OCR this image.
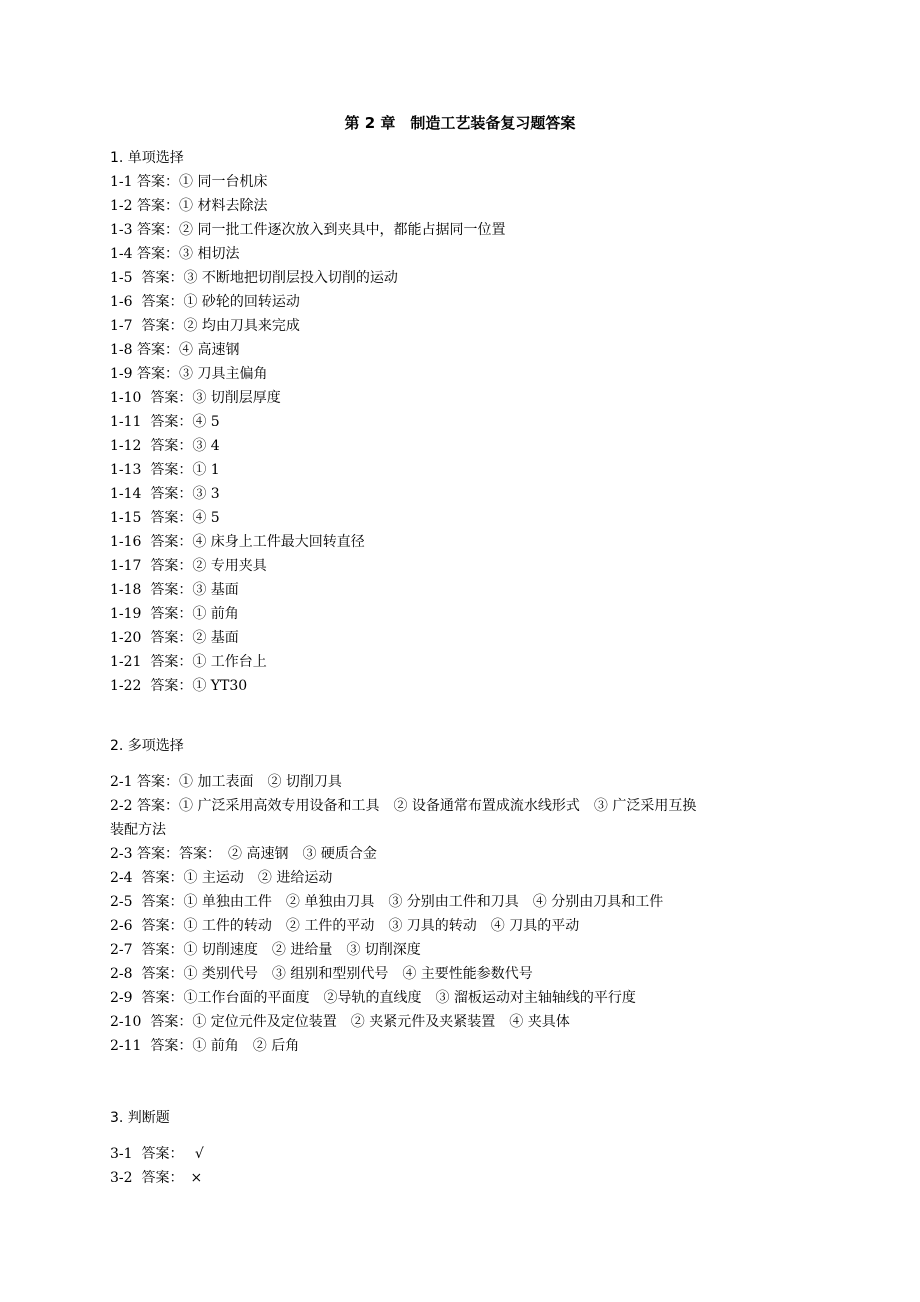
第 2 章　制造工艺装备复习题答案
1. 单项选择
1-1 答案：① 同一台机床
1-2 答案：① 材料去除法
1-3 答案：② 同一批工件逐次放入到夹具中，都能占据同一位置
1-4 答案：③ 相切法
1-5  答案：③ 不断地把切削层投入切削的运动
1-6  答案：① 砂轮的回转运动
1-7  答案：② 均由刀具来完成
1-8 答案：④ 高速钢
1-9 答案：③ 刀具主偏角
1-10  答案：③ 切削层厚度
1-11  答案：④ 5
1-12  答案：③ 4
1-13  答案：① 1
1-14  答案：③ 3
1-15  答案：④ 5
1-16  答案：④ 床身上工件最大回转直径
1-17  答案：② 专用夹具
1-18  答案：③ 基面
1-19  答案：① 前角
1-20  答案：② 基面
1-21  答案：① 工作台上
1-22  答案：① YT30
2. 多项选择
2-1 答案：① 加工表面　② 切削刀具
2-2 答案：① 广泛采用高效专用设备和工具　② 设备通常布置成流水线形式　③ 广泛采用互换
装配方法
2-3 答案：答案：　② 高速钢　③ 硬质合金
2-4  答案：① 主运动　② 进给运动
2-5  答案：① 单独由工件　② 单独由刀具　③ 分别由工件和刀具　④ 分别由刀具和工件
2-6  答案：① 工件的转动　② 工件的平动　③ 刀具的转动　④ 刀具的平动
2-7  答案：① 切削速度　② 进给量　③ 切削深度
2-8  答案：① 类别代号　③ 组别和型别代号　④ 主要性能参数代号
2-9  答案：①工作台面的平面度　②导轨的直线度　③ 溜板运动对主轴轴线的平行度
2-10  答案：① 定位元件及定位装置　② 夹紧元件及夹紧装置　④ 夹具体
2-11  答案：① 前角　② 后角
3. 判断题
3-1  答案：　 √
3-2  答案：　×
